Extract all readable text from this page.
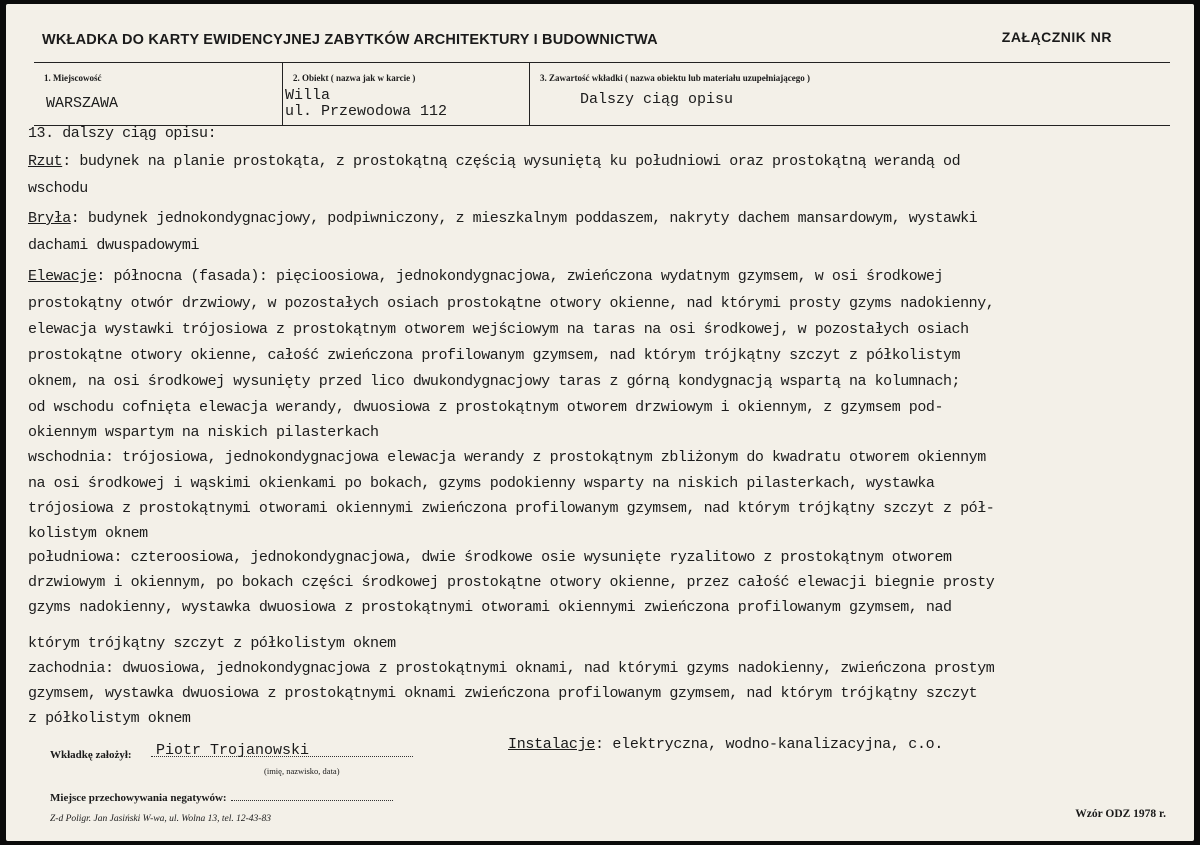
WKŁADKA DO KARTY EWIDENCYJNEJ ZABYTKÓW ARCHITEKTURY I BUDOWNICTWA	ZAŁĄCZNIK NR
1. Miejscowość
WARSZAWA
2. Obiekt ( nazwa jak w karcie )
Willa
ul. Przewodowa 112
3. Zawartość wkładki ( nazwa obiektu lub materiału uzupełniającego )
Dalszy ciąg opisu
13. dalszy ciąg opisu:
Rzut: budynek na planie prostokąta, z prostokątną częścią wysuniętą ku południowi oraz prostokątną werandą od
wschodu
Bryła: budynek jednokondygnacjowy, podpiwniczony, z mieszkalnym poddaszem, nakryty dachem mansardowym, wystawki
dachami dwuspadowymi
Elewacje: północna (fasada): pięcioosiowa, jednokondygnacjowa, zwieńczona wydatnym gzymsem, w osi środkowej
prostokątny otwór drzwiowy, w pozostałych osiach prostokątne otwory okienne, nad którymi prosty gzyms nadokienny,
elewacja wystawki trójosiowa z prostokątnym otworem wejściowym na taras na osi środkowej, w pozostałych osiach
prostokątne otwory okienne, całość zwieńczona profilowanym gzymsem, nad którym trójkątny szczyt z półkolistym
oknem, na osi środkowej wysunięty przed lico dwukondygnacjowy taras z górną kondygnacją wspartą na kolumnach;
od wschodu cofnięta elewacja werandy, dwuosiowa z prostokątnym otworem drzwiowym i okiennym, z gzymsem pod-
okiennym wspartym na niskich pilasterkach
wschodnia: trójosiowa, jednokondygnacjowa elewacja werandy z prostokątnym zbliżonym do kwadratu otworem okiennym
na osi środkowej i wąskimi okienkami po bokach, gzyms podokienny wsparty na niskich pilasterkach, wystawka
trójosiowa z prostokątnymi otworami okiennymi zwieńczona profilowanym gzymsem, nad którym trójkątny szczyt z pół-
kolistym oknem
południowa: czteroosiowa, jednokondygnacjowa, dwie środkowe osie wysunięte ryzalitowo z prostokątnym otworem
drzwiowym i okiennym, po bokach części środkowej prostokątne otwory okienne, przez całość elewacji biegnie prosty
gzyms nadokienny, wystawka dwuosiowa z prostokątnymi otworami okiennymi zwieńczona profilowanym gzymsem, nad
którym trójkątny szczyt z półkolistym oknem
zachodnia: dwuosiowa, jednokondygnacjowa z prostokątnymi oknami, nad którymi gzyms nadokienny, zwieńczona prostym
gzymsem, wystawka dwuosiowa z prostokątnymi oknami zwieńczona profilowanym gzymsem, nad którym trójkątny szczyt
z półkolistym oknem
Instalacje: elektryczna, wodno-kanalizacyjna, c.o.
Wkładkę założył: Piotr Trojanowski
(imię, nazwisko, data)
Miejsce przechowywania negatywów:
Z-d Poligr. Jan Jasiński W-wa, ul. Wolna 13, tel. 12-43-83	Wzór ODZ 1978 r.
